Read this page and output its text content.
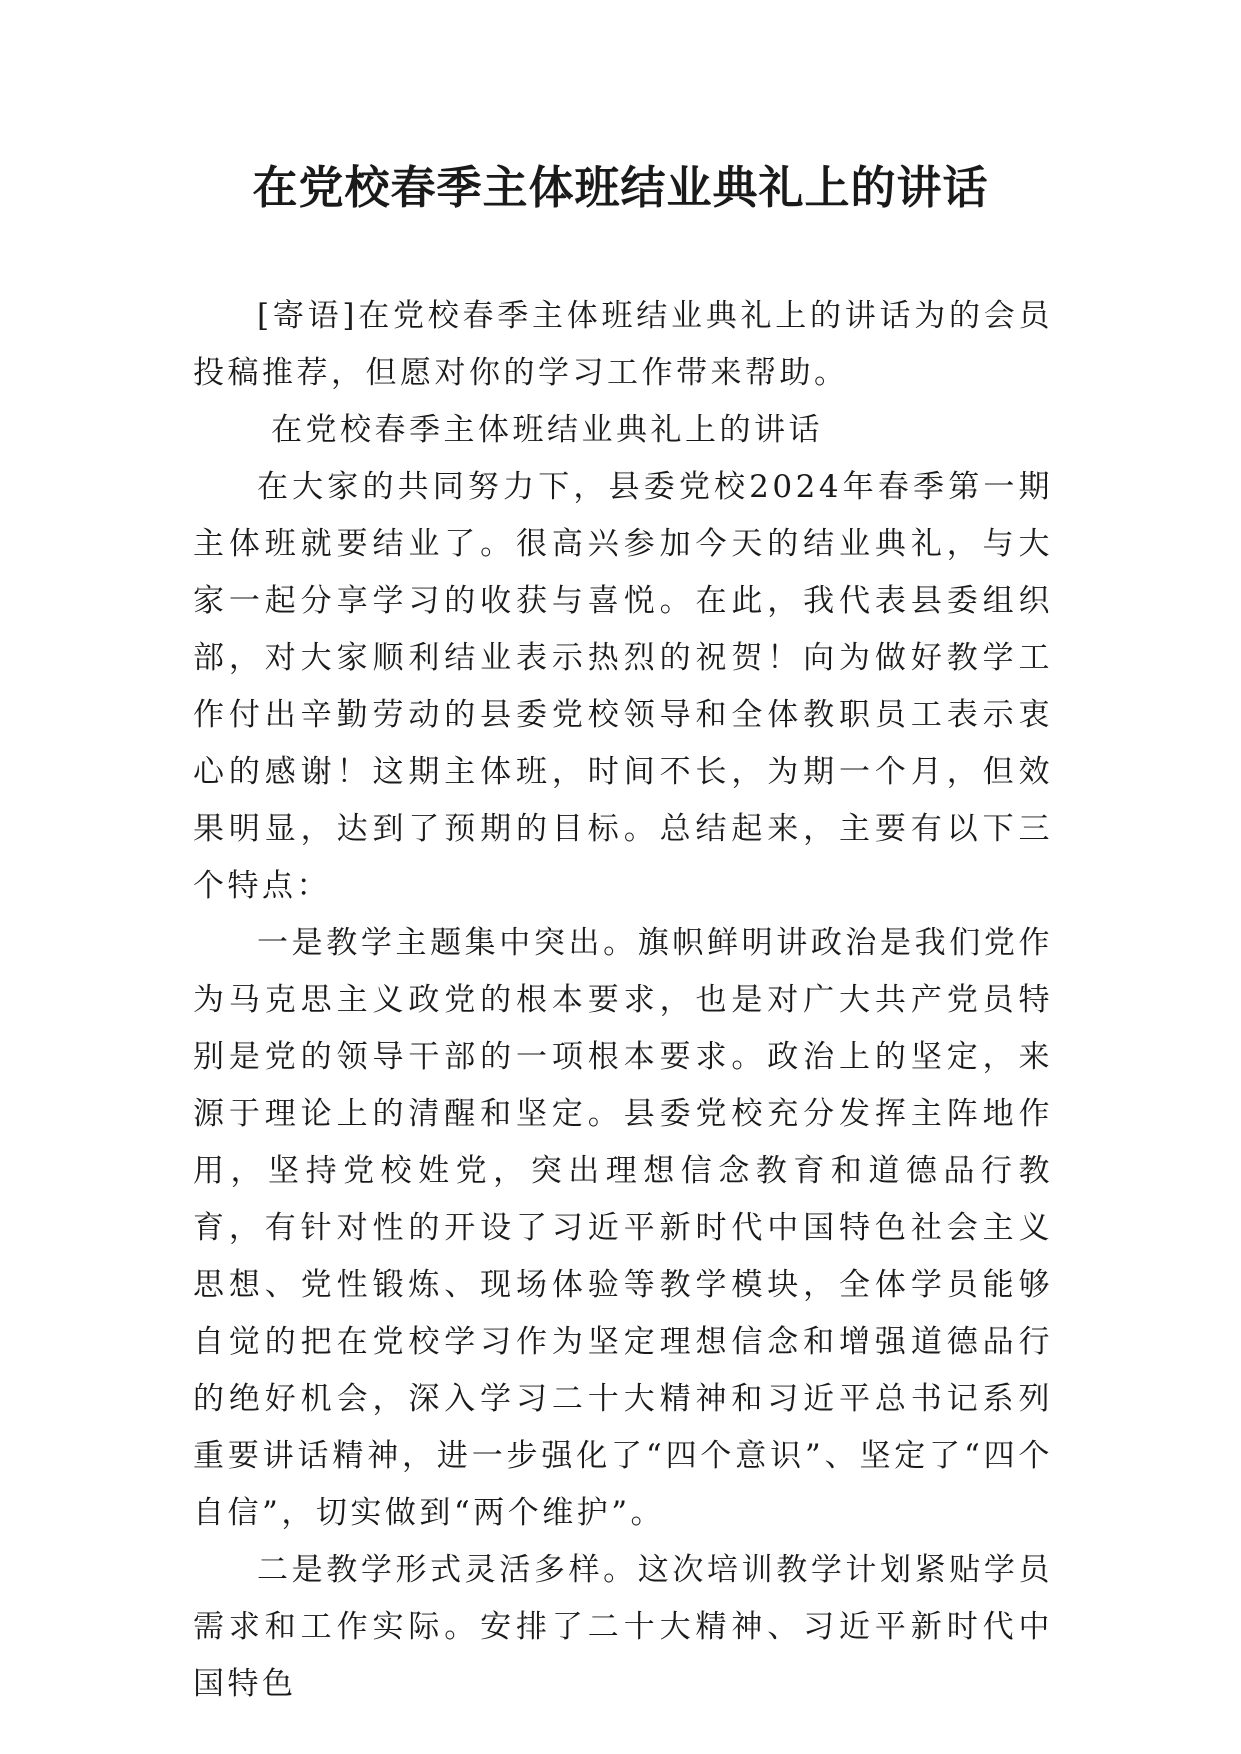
在党校春季主体班结业典礼上的讲话

[寄语]在党校春季主体班结业典礼上的讲话为的会员投稿推荐，但愿对你的学习工作带来帮助。

在党校春季主体班结业典礼上的讲话

在大家的共同努力下，县委党校2024年春季第一期主体班就要结业了。很高兴参加今天的结业典礼，与大家一起分享学习的收获与喜悦。在此，我代表县委组织部，对大家顺利结业表示热烈的祝贺！向为做好教学工作付出辛勤劳动的县委党校领导和全体教职员工表示衷心的感谢！这期主体班，时间不长，为期一个月，但效果明显，达到了预期的目标。总结起来，主要有以下三个特点：

一是教学主题集中突出。旗帜鲜明讲政治是我们党作为马克思主义政党的根本要求，也是对广大共产党员特别是党的领导干部的一项根本要求。政治上的坚定，来源于理论上的清醒和坚定。县委党校充分发挥主阵地作用，坚持党校姓党，突出理想信念教育和道德品行教育，有针对性的开设了习近平新时代中国特色社会主义思想、党性锻炼、现场体验等教学模块，全体学员能够自觉的把在党校学习作为坚定理想信念和增强道德品行的绝好机会，深入学习二十大精神和习近平总书记系列重要讲话精神，进一步强化了“四个意识”、坚定了“四个自信”，切实做到“两个维护”。

二是教学形式灵活多样。这次培训教学计划紧贴学员需求和工作实际。安排了二十大精神、习近平新时代中国特色
